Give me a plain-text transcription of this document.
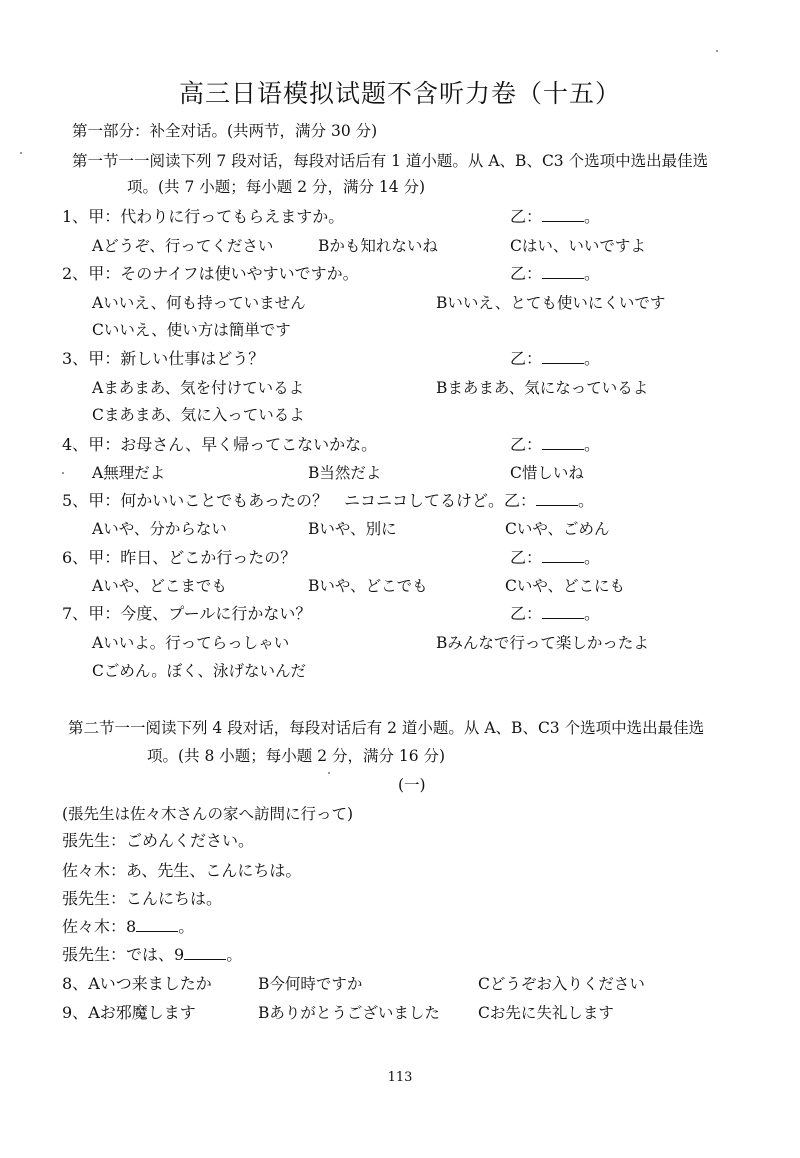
高三日语模拟试题不含听力卷（十五）
第一部分：补全对话。(共两节，满分 30 分)
第一节一一阅读下列 7 段对话，每段对话后有 1 道小题。从 A、B、C3 个选项中选出最佳选
项。(共 7 小题；每小题 2 分，满分 14 分)
1、甲：代わりに行ってもらえますか。	乙：	。
Aどうぞ、行ってください	Bかも知れないね	Cはい、いいですよ
2、甲：そのナイフは使いやすいですか。	乙：	。
Aいいえ、何も持っていません	Bいいえ、とても使いにくいです
Cいいえ、使い方は簡単です
3、甲：新しい仕事はどう？	乙：	。
Aまあまあ、気を付けているよ	Bまあまあ、気になっているよ
Cまあまあ、気に入っているよ
4、甲：お母さん、早く帰ってこないかな。	乙：	。
A無理だよ	B当然だよ	C惜しいね
5、甲：何かいいことでもあったの？　ニコニコしてるけど。乙：	。
Aいや、分からない	Bいや、別に	Cいや、ごめん
6、甲：昨日、どこか行ったの？	乙：	。
Aいや、どこまでも	Bいや、どこでも	Cいや、どこにも
7、甲：今度、プールに行かない？	乙：	。
Aいいよ。行ってらっしゃい	Bみんなで行って楽しかったよ
Cごめん。ぼく、泳げないんだ
第二节一一阅读下列 4 段对话，每段对话后有 2 道小题。从 A、B、C3 个选项中选出最佳选
项。(共 8 小题；每小题 2 分，满分 16 分)
(一)
(張先生は佐々木さんの家へ訪問に行って)
張先生：ごめんください。
佐々木：あ、先生、こんにちは。
張先生：こんにちは。
佐々木：8	。
張先生：では、9	。
8、Aいつ来ましたか	B今何時ですか	Cどうぞお入りください
9、Aお邪魔します	Bありがとうございました Cお先に失礼します
113
